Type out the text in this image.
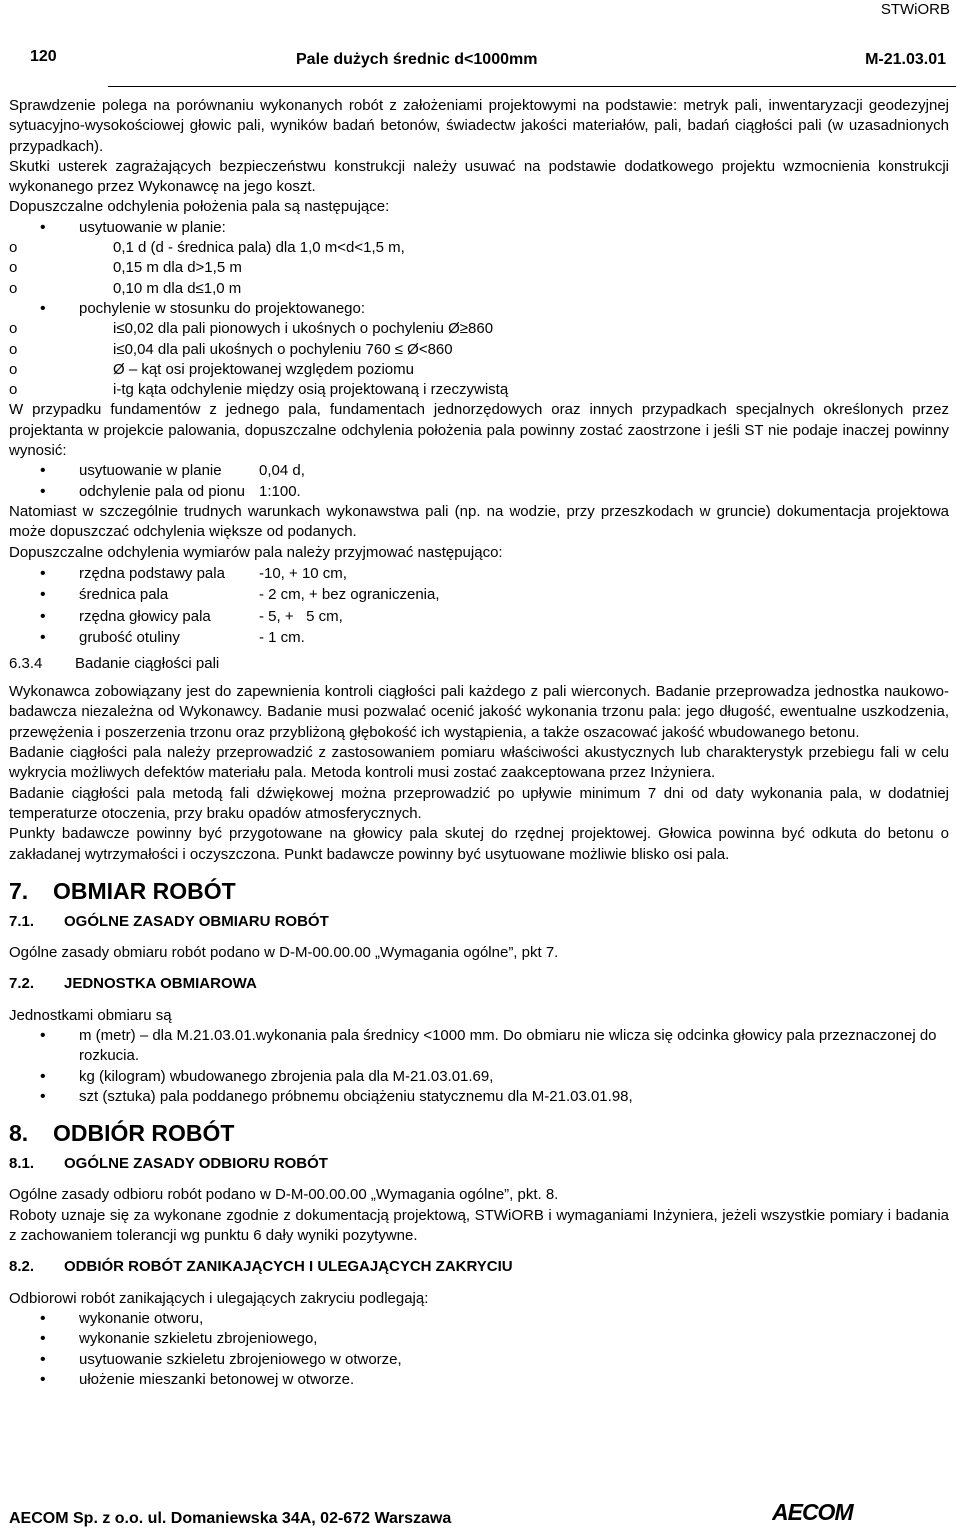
STWiORB
120	Pale dużych średnic d<1000mm	M-21.03.01

Sprawdzenie polega na porównaniu wykonanych robót z założeniami projektowymi na podstawie: metryk pali, inwentaryzacji geodezyjnej sytuacyjno-wysokościowej głowic pali, wyników badań betonów, świadectw jakości materiałów, pali, badań ciągłości pali (w uzasadnionych przypadkach).

Skutki usterek zagrażających bezpieczeństwu konstrukcji należy usuwać na podstawie dodatkowego projektu wzmocnienia konstrukcji wykonanego przez Wykonawcę na jego koszt.

Dopuszczalne odchylenia położenia pala są następujące:

• usytuowanie w planie:
o 0,1 d (d - średnica pala) dla 1,0 m<d<1,5 m,
o 0,15 m dla d>1,5 m
o 0,10 m dla d≤1,0 m
• pochylenie w stosunku do projektowanego:
o i≤0,02 dla pali pionowych i ukośnych o pochyleniu Ø≥860
o i≤0,04 dla pali ukośnych o pochyleniu 760 ≤ Ø<860
o Ø – kąt osi projektowanej względem poziomu
o i-tg kąta odchylenie między osią projektowaną i rzeczywistą

W przypadku fundamentów z jednego pala, fundamentach jednorzędowych oraz innych przypadkach specjalnych określonych przez projektanta w projekcie palowania, dopuszczalne odchylenia położenia pala powinny zostać zaostrzone i jeśli ST nie podaje inaczej powinny wynosić:

• usytuowanie w planie 0,04 d,
• odchylenie pala od pionu 1:100.

Natomiast w szczególnie trudnych warunkach wykonawstwa pali (np. na wodzie, przy przeszkodach w gruncie) dokumentacja projektowa może dopuszczać odchylenia większe od podanych.

Dopuszczalne odchylenia wymiarów pala należy przyjmować następująco:

• rzędna podstawy pala -10, + 10 cm,
• średnica pala	- 2 cm, + bez ograniczenia,
• rzędna głowicy pala	- 5, +   5 cm,
• grubość otuliny	- 1 cm.
6.3.4 Badanie ciągłości pali

Wykonawca zobowiązany jest do zapewnienia kontroli ciągłości pali każdego z pali wierconych. Badanie przeprowadza jednostka naukowo-badawcza niezależna od Wykonawcy. Badanie musi pozwalać ocenić jakość wykonania trzonu pala: jego długość, ewentualne uszkodzenia, przewężenia i poszerzenia trzonu oraz przybliżoną głębokość ich wystąpienia, a także oszacować jakość wbudowanego betonu.

Badanie ciągłości pala należy przeprowadzić z zastosowaniem pomiaru właściwości akustycznych lub charakterystyk przebiegu fali w celu wykrycia możliwych defektów materiału pala. Metoda kontroli musi zostać zaakceptowana przez Inżyniera.

Badanie ciągłości pala metodą fali dźwiękowej można przeprowadzić po upływie minimum 7 dni od daty wykonania pala, w dodatniej temperaturze otoczenia, przy braku opadów atmosferycznych.

Punkty badawcze powinny być przygotowane na głowicy pala skutej do rzędnej projektowej. Głowica powinna być odkuta do betonu o zakładanej wytrzymałości i oczyszczona. Punkt badawcze powinny być usytuowane możliwie blisko osi pala.

7. OBMIAR ROBÓT
7.1. OGÓLNE ZASADY OBMIARU ROBÓT

Ogólne zasady obmiaru robót podano w D-M-00.00.00 „Wymagania ogólne”, pkt 7.

7.2. JEDNOSTKA OBMIAROWA

Jednostkami obmiaru są

• m (metr) – dla M.21.03.01.wykonania pala średnicy <1000 mm. Do obmiaru nie wlicza się odcinka głowicy pala przeznaczonej do rozkucia.
• kg (kilogram) wbudowanego zbrojenia pala dla M-21.03.01.69,
• szt (sztuka) pala poddanego próbnemu obciążeniu statycznemu dla M-21.03.01.98,
8. ODBIÓR ROBÓT
8.1. OGÓLNE ZASADY ODBIORU ROBÓT

Ogólne zasady odbioru robót podano w D-M-00.00.00 „Wymagania ogólne”, pkt. 8.

Roboty uznaje się za wykonane zgodnie z dokumentacją projektową, STWiORB i wymaganiami Inżyniera, jeżeli wszystkie pomiary i badania z zachowaniem tolerancji wg punktu 6 dały wyniki pozytywne.

8.2. ODBIÓR ROBÓT ZANIKAJĄCYCH I ULEGAJĄCYCH ZAKRYCIU

Odbiorowi robót zanikających i ulegających zakryciu podlegają:

• wykonanie otworu,
• wykonanie szkieletu zbrojeniowego,
• usytuowanie szkieletu zbrojeniowego w otworze,
• ułożenie mieszanki betonowej w otworze.
AECOM Sp. z o.o. ul. Domaniewska 34A, 02-672 Warszawa	AECOM
